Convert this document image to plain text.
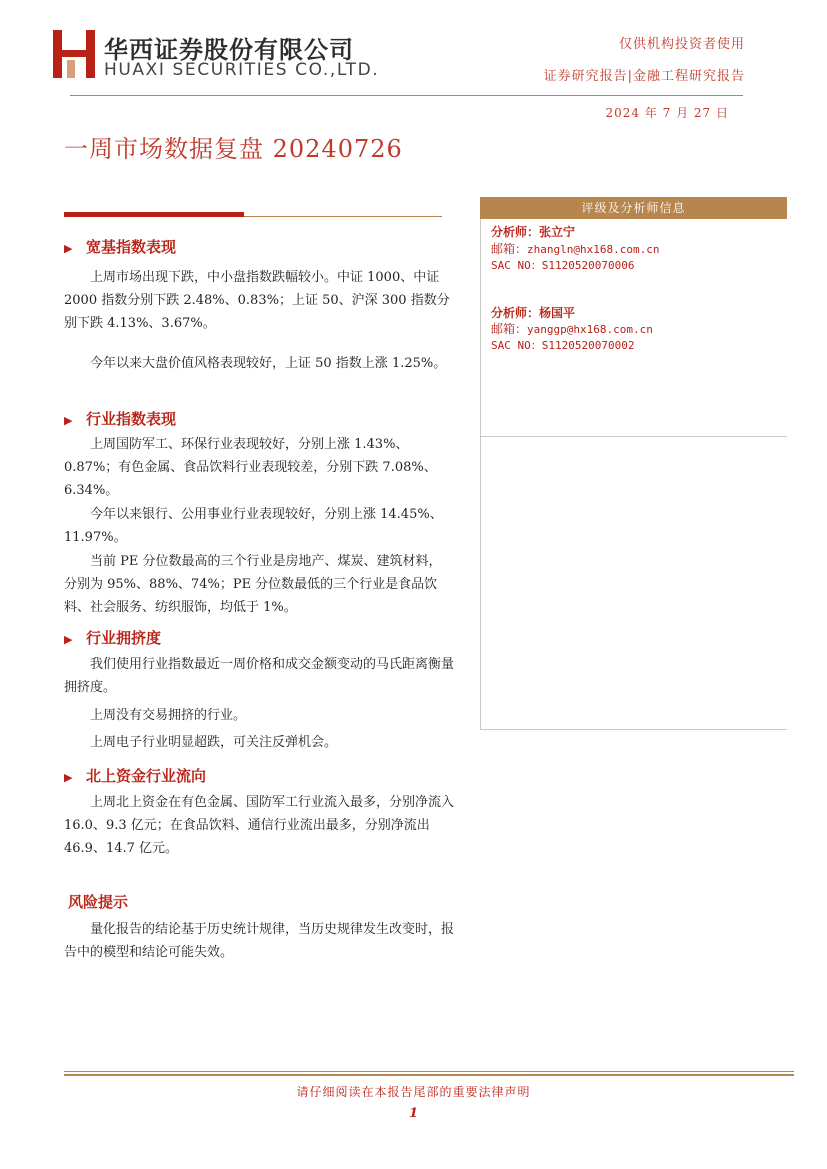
华西证券股份有限公司
HUAXI SECURITIES CO.,LTD.
仅供机构投资者使用
证券研究报告|金融工程研究报告
2024 年 7 月 27 日
一周市场数据复盘 20240726
▶ 宽基指数表现
上周市场出现下跌，中小盘指数跌幅较小。中证 1000、中证 2000 指数分别下跌 2.48%、0.83%；上证 50、沪深 300 指数分别下跌 4.13%、3.67%。
今年以来大盘价值风格表现较好，上证 50 指数上涨 1.25%。
▶ 行业指数表现
上周国防军工、环保行业表现较好，分别上涨 1.43%、0.87%；有色金属、食品饮料行业表现较差，分别下跌 7.08%、6.34%。
今年以来银行、公用事业行业表现较好，分别上涨 14.45%、11.97%。
当前 PE 分位数最高的三个行业是房地产、煤炭、建筑材料，分别为 95%、88%、74%；PE 分位数最低的三个行业是食品饮料、社会服务、纺织服饰，均低于 1%。
▶ 行业拥挤度
我们使用行业指数最近一周价格和成交金额变动的马氏距离衡量拥挤度。
上周没有交易拥挤的行业。
上周电子行业明显超跌，可关注反弹机会。
▶ 北上资金行业流向
上周北上资金在有色金属、国防军工行业流入最多，分别净流入 16.0、9.3 亿元；在食品饮料、通信行业流出最多，分别净流出 46.9、14.7 亿元。
风险提示
量化报告的结论基于历史统计规律，当历史规律发生改变时，报告中的模型和结论可能失效。
评级及分析师信息
分析师：张立宁
邮箱：zhangln@hx168.com.cn
SAC NO：S1120520070006
分析师：杨国平
邮箱：yanggp@hx168.com.cn
SAC NO：S1120520070002
请仔细阅读在本报告尾部的重要法律声明
1
